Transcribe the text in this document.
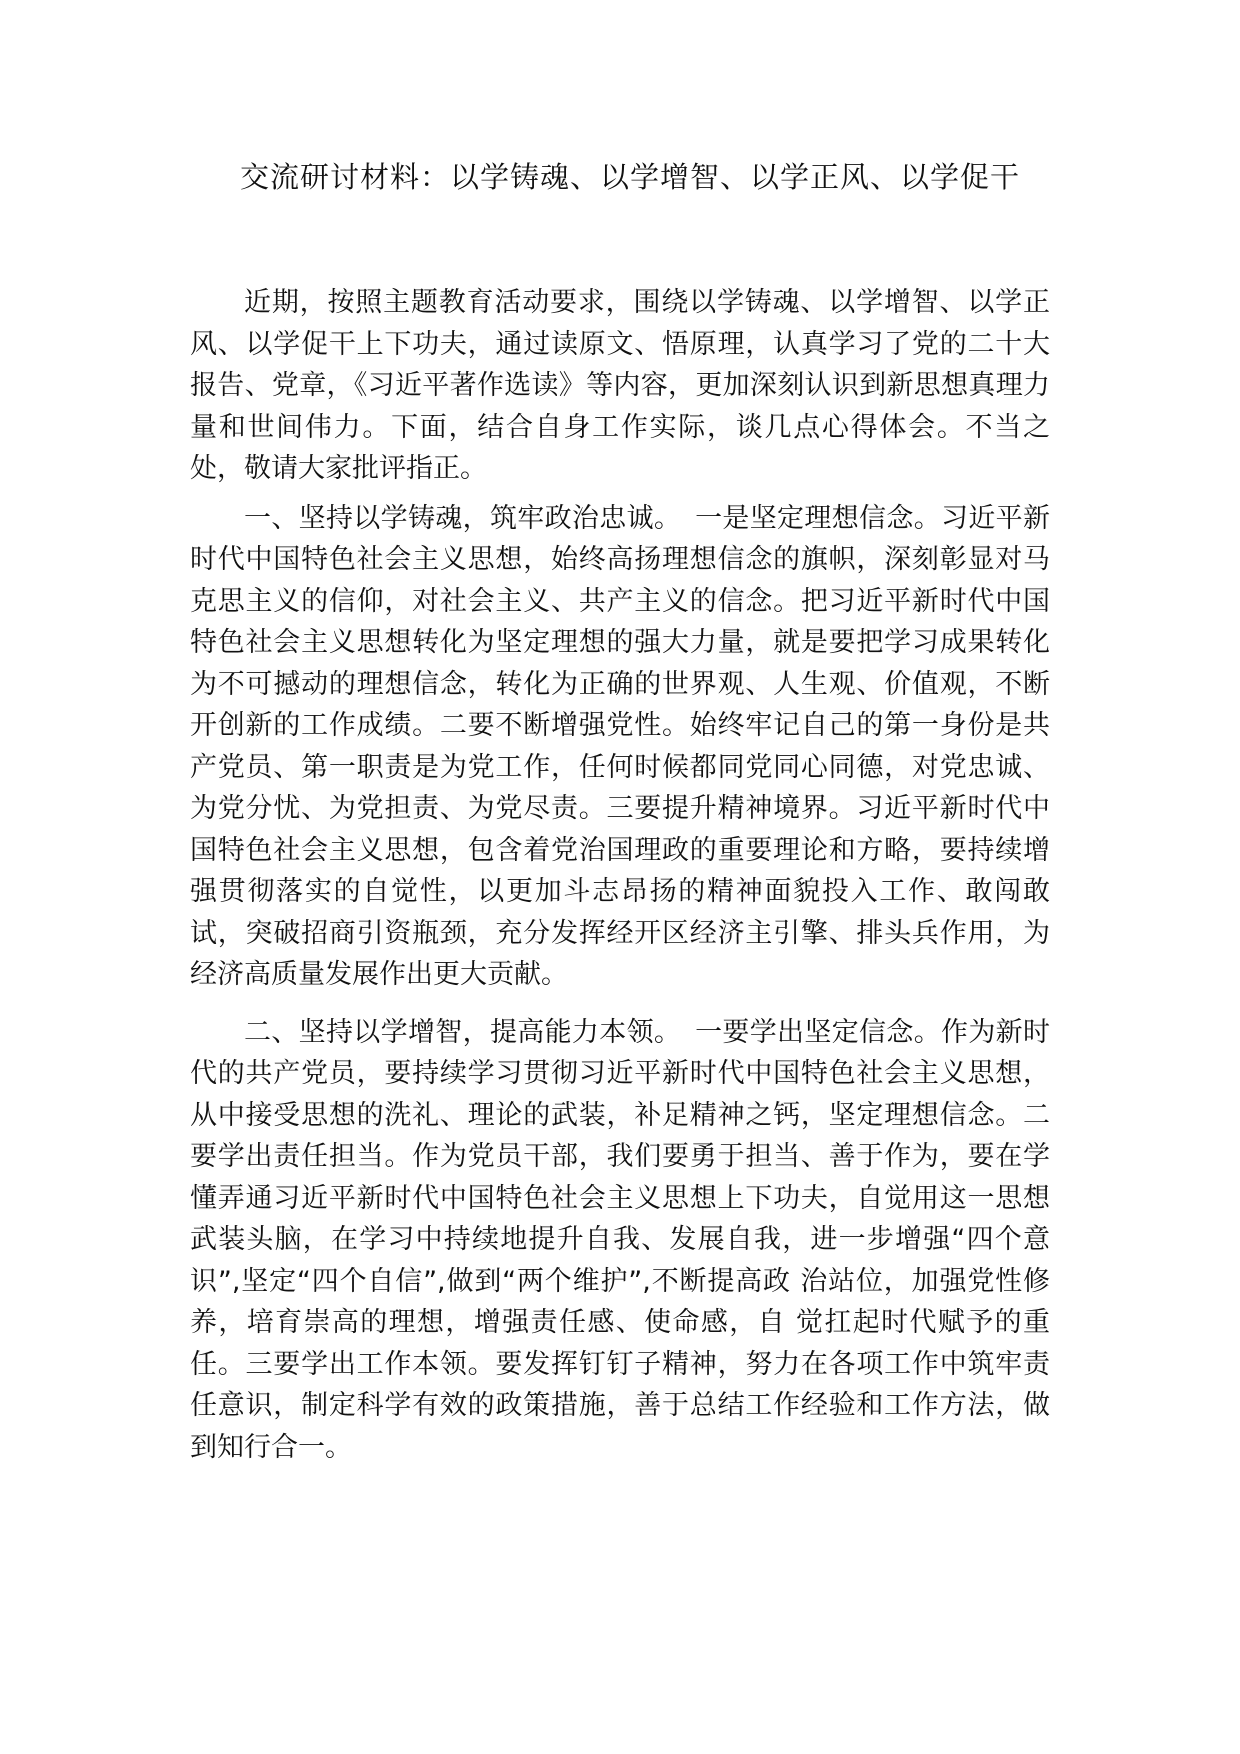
交流研讨材料：以学铸魂、以学增智、以学正风、以学促干

近期，按照主题教育活动要求，围绕以学铸魂、以学增智、以学正风、以学促干上下功夫，通过读原文、悟原理，认真学习了党的二十大报告、党章，《习近平著作选读》等内容，更加深刻认识到新思想真理力量和世间伟力。下面，结合自身工作实际，谈几点心得体会。不当之处，敬请大家批评指正。

一、坚持以学铸魂，筑牢政治忠诚。　一是坚定理想信念。习近平新时代中国特色社会主义思想，始终高扬理想信念的旗帜，深刻彰显对马克思主义的信仰，对社会主义、共产主义的信念。把习近平新时代中国特色社会主义思想转化为坚定理想的强大力量，就是要把学习成果转化为不可撼动的理想信念，转化为正确的世界观、人生观、价值观，不断开创新的工作成绩。二要不断增强党性。始终牢记自己的第一身份是共产党员、第一职责是为党工作，任何时候都同党同心同德，对党忠诚、为党分忧、为党担责、为党尽责。三要提升精神境界。习近平新时代中国特色社会主义思想，包含着党治国理政的重要理论和方略，要持续增强贯彻落实的自觉性，以更加斗志昂扬的精神面貌投入工作、敢闯敢试，突破招商引资瓶颈，充分发挥经开区经济主引擎、排头兵作用，为经济高质量发展作出更大贡献。

二、坚持以学增智，提高能力本领。　一要学出坚定信念。作为新时代的共产党员，要持续学习贯彻习近平新时代中国特色社会主义思想，从中接受思想的洗礼、理论的武装，补足精神之钙，坚定理想信念。二要学出责任担当。作为党员干部，我们要勇于担当、善于作为，要在学懂弄通习近平新时代中国特色社会主义思想上下功夫，自觉用这一思想武装头脑，在学习中持续地提升自我、发展自我，进一步增强“四个意识”,坚定“四个自信”,做到“两个维护”,不断提高政 治站位，加强党性修养，培育崇高的理想，增强责任感、使命感，自 觉扛起时代赋予的重任。三要学出工作本领。要发挥钉钉子精神，努力在各项工作中筑牢责任意识，制定科学有效的政策措施，善于总结工作经验和工作方法，做到知行合一。
